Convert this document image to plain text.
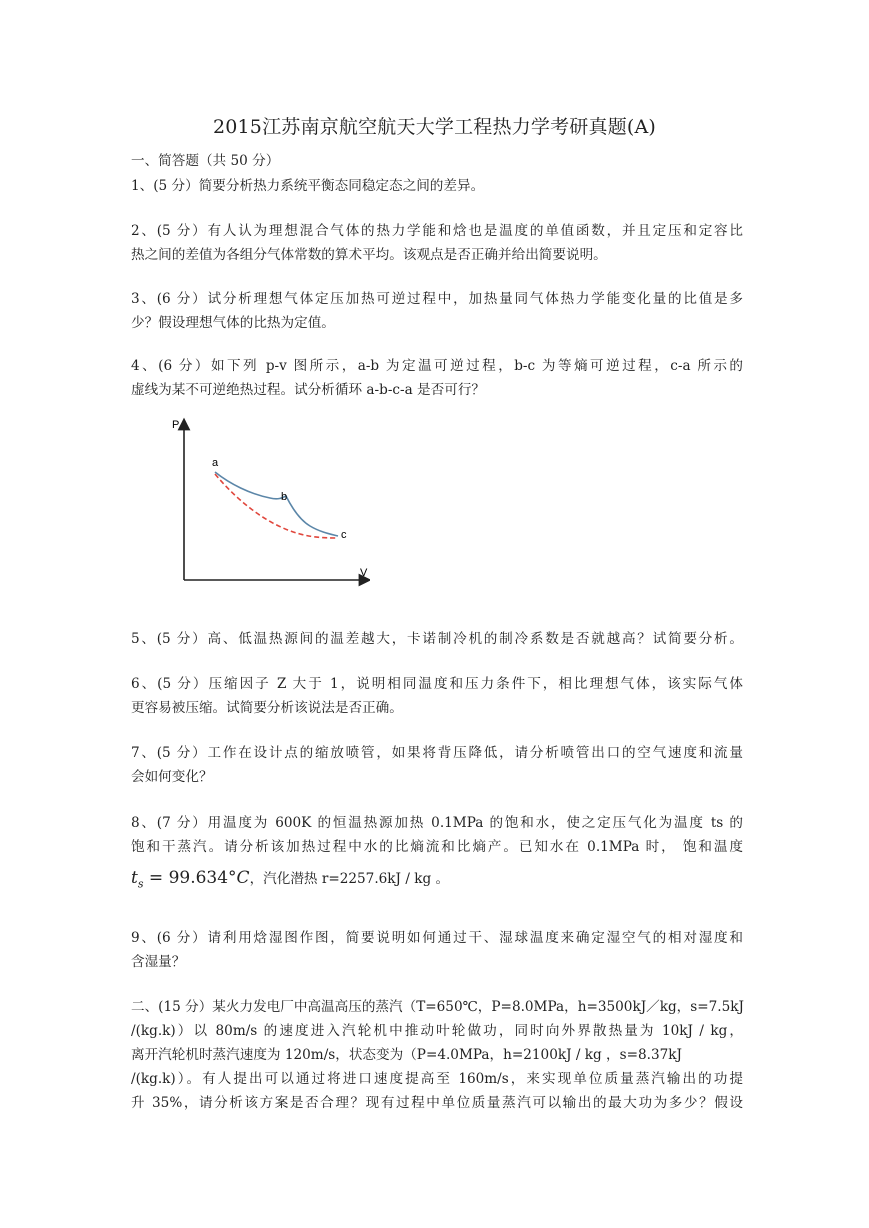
2015江苏南京航空航天大学工程热力学考研真题(A)
一、简答题（共 50 分）
1、(5 分）简要分析热力系统平衡态同稳定态之间的差异。
2、(5 分）有人认为理想混合气体的热力学能和焓也是温度的单值函数，并且定压和定容比
热之间的差值为各组分气体常数的算术平均。该观点是否正确并给出简要说明。
3、(6 分）试分析理想气体定压加热可逆过程中，加热量同气体热力学能变化量的比值是多
少？假设理想气体的比热为定值。
4、(6 分）如下列 p-v 图所示，a-b 为定温可逆过程，b-c 为等熵可逆过程，c-a 所示的
虚线为某不可逆绝热过程。试分析循环 a-b-c-a 是否可行？
5、(5 分）高、低温热源间的温差越大，卡诺制冷机的制冷系数是否就越高？试简要分析。
6、(5 分）压缩因子 Z 大于 1，说明相同温度和压力条件下，相比理想气体，该实际气体
更容易被压缩。试简要分析该说法是否正确。
7、(5 分）工作在设计点的缩放喷管，如果将背压降低，请分析喷管出口的空气速度和流量
会如何变化？
8、(7 分）用温度为 600K 的恒温热源加热 0.1MPa 的饱和水，使之定压气化为温度 ts 的
饱和干蒸汽。请分析该加热过程中水的比熵流和比熵产。已知水在 0.1MPa 时， 饱和温度
9、(6 分）请利用焓湿图作图，简要说明如何通过干、湿球温度来确定湿空气的相对湿度和
含湿量？
二、(15 分）某火力发电厂中高温高压的蒸汽（T=650℃，P=8.0MPa，h=3500kJ／kg，s=7.5kJ
/(kg.k)）以 80m/s 的速度进入汽轮机中推动叶轮做功，同时向外界散热量为 10kJ / kg，
离开汽轮机时蒸汽速度为 120m/s，状态变为（P=4.0MPa，h=2100kJ / kg ，s=8.37kJ
/(kg.k)）。有人提出可以通过将进口速度提高至 160m/s，来实现单位质量蒸汽输出的功提
升 35%，请分析该方案是否合理？现有过程中单位质量蒸汽可以输出的最大功为多少？假设
P
V
a
b
c
$t_s = 99.634^\circ C$，汽化潜热 r=2257.6kJ / kg 。
